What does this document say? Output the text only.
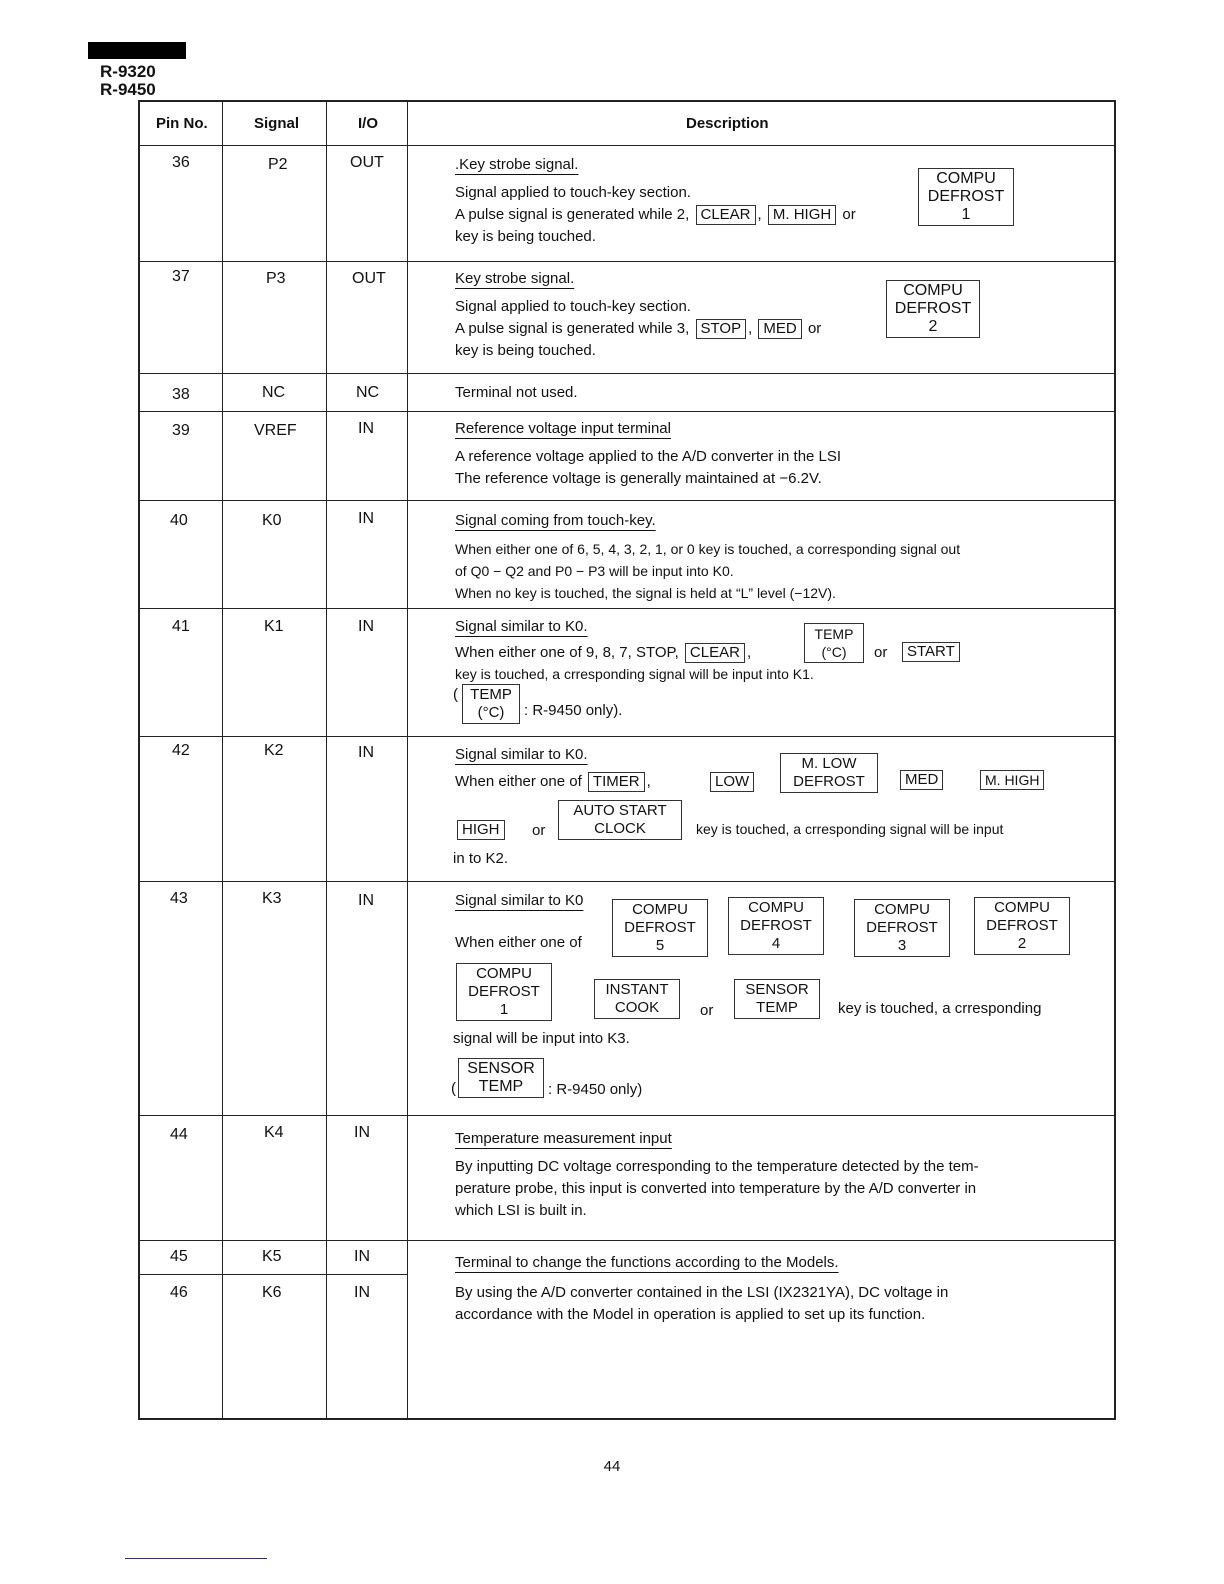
R-9320
R-9450
Pin No.	Signal	I/O	Description
36	P2	OUT	.Key strobe signal.

Signal applied to touch-key section.

A pulse signal is generated while 2, CLEAR , M. HIGH or

key is being touched.

COMPU
DEFROST
1
37	P3	OUT	Key strobe signal.

Signal applied to touch-key section.

A pulse signal is generated while 3, STOP , MED or

key is being touched.

COMPU
DEFROST
2
38	NC	NC	Terminal not used.

39	VREF	IN	Reference voltage input terminal

A reference voltage applied to the A/D converter in the LSI

The reference voltage is generally maintained at −6.2V.

40	K0	IN	Signal coming from touch-key.

When either one of 6, 5, 4, 3, 2, 1, or 0 key is touched, a corresponding signal out

of Q0 − Q2 and P0 − P3 will be input into K0.

When no key is touched, the signal is held at “L” level (−12V).

41	K1	IN	Signal similar to K0.
When either one of 9, 8, 7, STOP, CLEAR ,
TEMP
(°C)	or	START
key is touched, a crresponding signal will be input into K1.
( TEMP
(°C)	: R-9450 only).
42	K2	IN	Signal similar to K0.
When either one of TIMER ,	LOW
M. LOW
DEFROST	MED	M. HIGH
HIGH	or
AUTO START
CLOCK	key is touched, a crresponding signal will be input
in to K2.
43	K3	IN	Signal similar to K0
When either one of
COMPU
DEFROST
5
COMPU
DEFROST
4
COMPU
DEFROST
3
COMPU
DEFROST
2
COMPU
DEFROST
1
INSTANT
COOK	or
SENSOR
TEMP	key is touched, a crresponding
signal will be input into K3.
(
SENSOR
TEMP	: R-9450 only)
44	K4	IN	Temperature measurement input

By inputting DC voltage corresponding to the temperature detected by the tem-

perature probe, this input is converted into temperature by the A/D converter in

which LSI is built in.

45	K5	IN	Terminal to change the functions according to the Models.
46	K6	IN	By using the A/D converter contained in the LSI (IX2321YA), DC voltage in

accordance with the Model in operation is applied to set up its function.

44
